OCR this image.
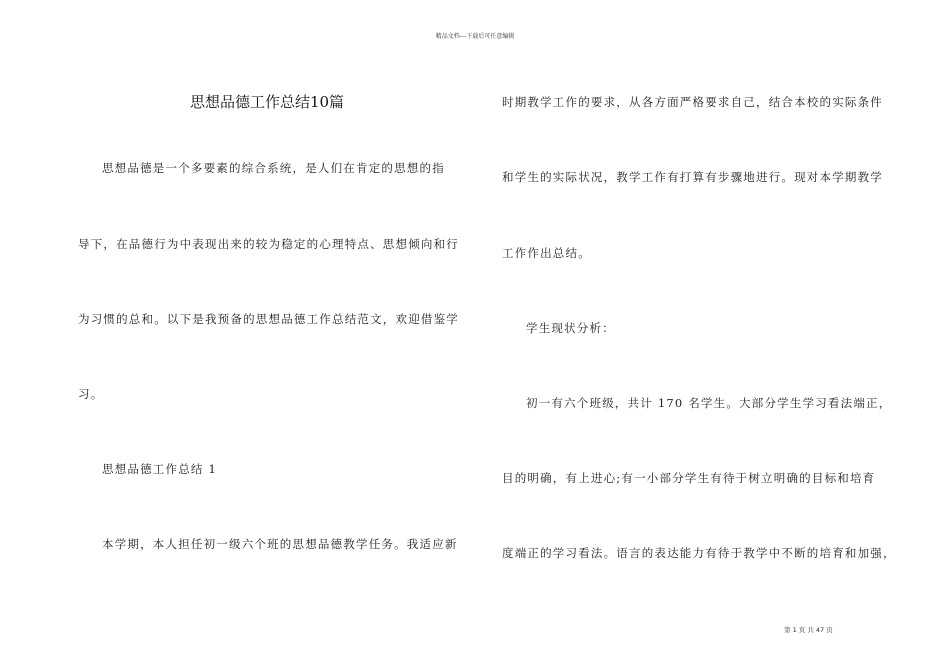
精品文档---下载后可任意编辑
思想品德工作总结10篇
思想品德是一个多要素的综合系统，是人们在肯定的思想的指
导下，在品德行为中表现出来的较为稳定的心理特点、思想倾向和行
为习惯的总和。以下是我预备的思想品德工作总结范文，欢迎借鉴学
习。
思想品德工作总结 1
本学期，本人担任初一级六个班的思想品德教学任务。我适应新
时期教学工作的要求，从各方面严格要求自己，结合本校的实际条件
和学生的实际状况，教学工作有打算有步骤地进行。现对本学期教学
工作作出总结。
学生现状分析：
初一有六个班级，共计 170 名学生。大部分学生学习看法端正，
目的明确，有上进心;有一小部分学生有待于树立明确的目标和培育
度端正的学习看法。语言的表达能力有待于教学中不断的培育和加强，
第 1 页 共 47 页
